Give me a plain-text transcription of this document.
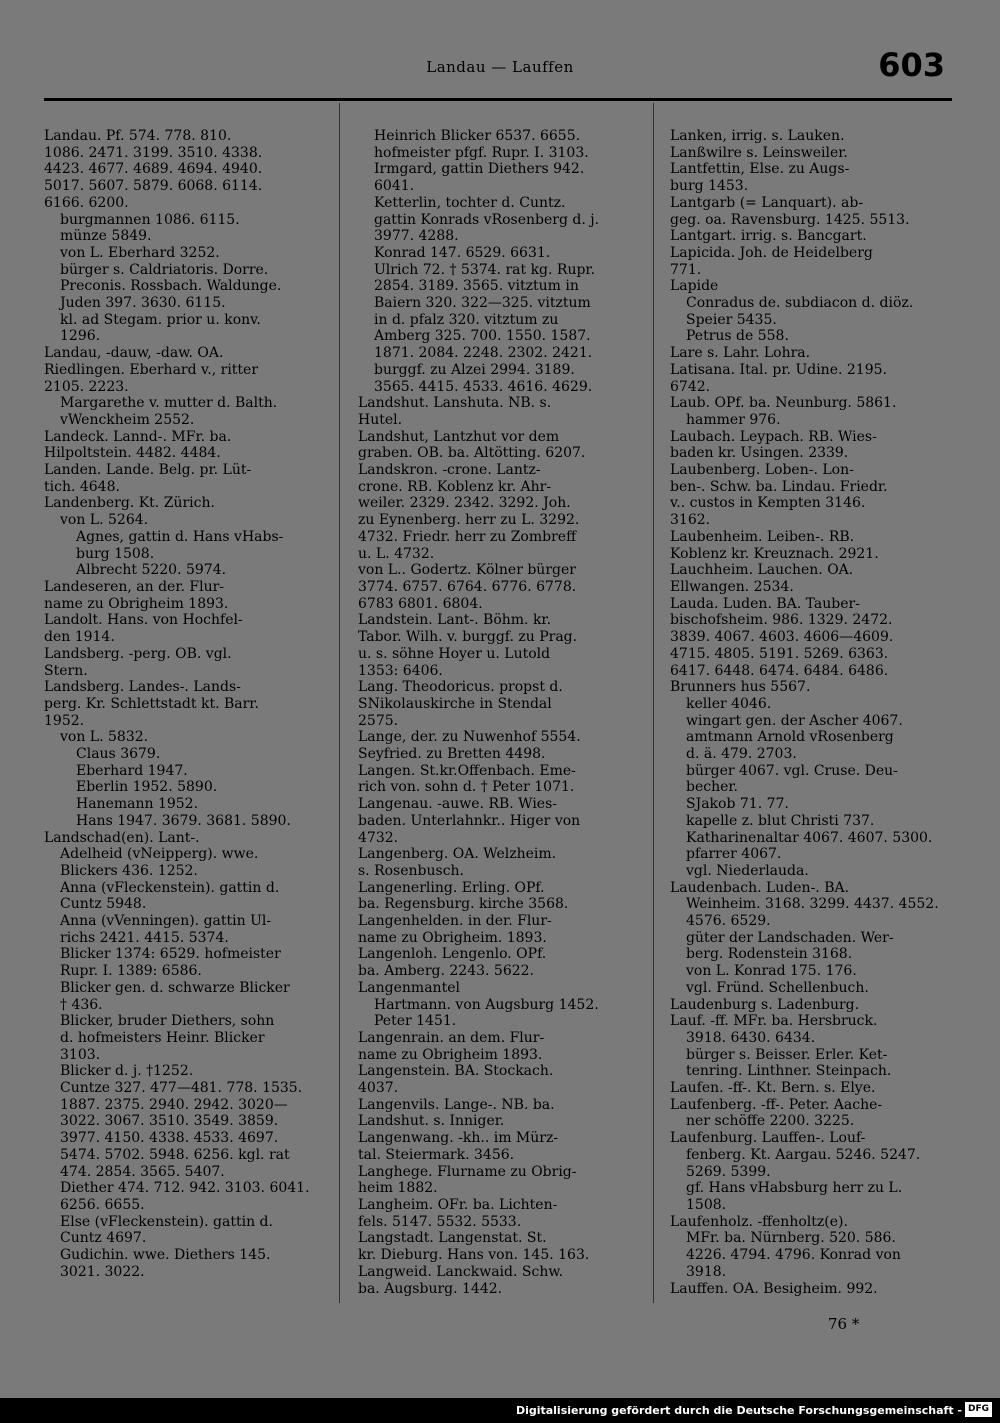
Landau — Lauffen	603
Landau. Pf. 574. 778. 810.
1086. 2471. 3199. 3510. 4338.
4423. 4677. 4689. 4694. 4940.
5017. 5607. 5879. 6068. 6114.
6166. 6200.
burgmannen 1086. 6115.
münze 5849.
von L. Eberhard 3252.
bürger s. Caldriatoris. Dorre.
Preconis. Rossbach. Waldunge.
Juden 397. 3630. 6115.
kl. ad Stegam. prior u. konv.
1296.
Landau, -dauw, -daw. OA.
Riedlingen. Eberhard v., ritter
2105. 2223.
Margarethe v. mutter d. Balth.
vWenckheim 2552.
Landeck. Lannd-. MFr. ba.
Hilpoltstein. 4482. 4484.
Landen. Lande. Belg. pr. Lüt-
tich. 4648.
Landenberg. Kt. Zürich.
von L. 5264.
Agnes, gattin d. Hans vHabs-
burg 1508.
Albrecht 5220. 5974.
Landeseren, an der. Flur-
name zu Obrigheim 1893.
Landolt. Hans. von Hochfel-
den 1914.
Landsberg. -perg. OB. vgl.
Stern.
Landsberg. Landes-. Lands-
perg. Kr. Schlettstadt kt. Barr.
1952.
von L. 5832.
Claus 3679.
Eberhard 1947.
Eberlin 1952. 5890.
Hanemann 1952.
Hans 1947. 3679. 3681. 5890.
Landschad(en). Lant-.
Adelheid (vNeipperg). wwe.
Blickers 436. 1252.
Anna (vFleckenstein). gattin d.
Cuntz 5948.
Anna (vVenningen). gattin Ul-
richs 2421. 4415. 5374.
Blicker 1374: 6529. hofmeister
Rupr. I. 1389: 6586.
Blicker gen. d. schwarze Blicker
† 436.
Blicker, bruder Diethers, sohn
d. hofmeisters Heinr. Blicker
3103.
Blicker d. j. †1252.
Cuntze 327. 477—481. 778. 1535.
1887. 2375. 2940. 2942. 3020—
3022. 3067. 3510. 3549. 3859.
3977. 4150. 4338. 4533. 4697.
5474. 5702. 5948. 6256. kgl. rat
474. 2854. 3565. 5407.
Diether 474. 712. 942. 3103. 6041.
6256. 6655.
Else (vFleckenstein). gattin d.
Cuntz 4697.
Gudichin. wwe. Diethers 145.
3021. 3022.
Heinrich Blicker 6537. 6655.
hofmeister pfgf. Rupr. I. 3103.
Irmgard, gattin Diethers 942.
6041.
Ketterlin, tochter d. Cuntz.
gattin Konrads vRosenberg d. j.
3977. 4288.
Konrad 147. 6529. 6631.
Ulrich 72. † 5374. rat kg. Rupr.
2854. 3189. 3565. vitztum in
Baiern 320. 322—325. vitztum
in d. pfalz 320. vitztum zu
Amberg 325. 700. 1550. 1587.
1871. 2084. 2248. 2302. 2421.
burggf. zu Alzei 2994. 3189.
3565. 4415. 4533. 4616. 4629.
Landshut. Lanshuta. NB. s.
Hutel.
Landshut, Lantzhut vor dem
graben. OB. ba. Altötting. 6207.
Landskron. -crone. Lantz-
crone. RB. Koblenz kr. Ahr-
weiler. 2329. 2342. 3292. Joh.
zu Eynenberg. herr zu L. 3292.
4732. Friedr. herr zu Zombreff
u. L. 4732.
von L.. Godertz. Kölner bürger
3774. 6757. 6764. 6776. 6778.
6783 6801. 6804.
Landstein. Lant-. Böhm. kr.
Tabor. Wilh. v. burggf. zu Prag.
u. s. söhne Hoyer u. Lutold
1353: 6406.
Lang. Theodoricus. propst d.
SNikolauskirche in Stendal
2575.
Lange, der. zu Nuwenhof 5554.
Seyfried. zu Bretten 4498.
Langen. St.kr.Offenbach. Eme-
rich von. sohn d. † Peter 1071.
Langenau. -auwe. RB. Wies-
baden. Unterlahnkr.. Higer von
4732.
Langenberg. OA. Welzheim.
s. Rosenbusch.
Langenerling. Erling. OPf.
ba. Regensburg. kirche 3568.
Langenhelden. in der. Flur-
name zu Obrigheim. 1893.
Langenloh. Lengenlo. OPf.
ba. Amberg. 2243. 5622.
Langenmantel
Hartmann. von Augsburg 1452.
Peter 1451.
Langenrain. an dem. Flur-
name zu Obrigheim 1893.
Langenstein. BA. Stockach.
4037.
Langenvils. Lange-. NB. ba.
Landshut. s. Inniger.
Langenwang. -kh.. im Mürz-
tal. Steiermark. 3456.
Langhege. Flurname zu Obrig-
heim 1882.
Langheim. OFr. ba. Lichten-
fels. 5147. 5532. 5533.
Langstadt. Langenstat. St.
kr. Dieburg. Hans von. 145. 163.
Langweid. Lanckwaid. Schw.
ba. Augsburg. 1442.
Lanken, irrig. s. Lauken.
Lanßwilre s. Leinsweiler.
Lantfettin, Else. zu Augs-
burg 1453.
Lantgarb (= Lanquart). ab-
geg. oa. Ravensburg. 1425. 5513.
Lantgart. irrig. s. Bancgart.
Lapicida. Joh. de Heidelberg
771.
Lapide
Conradus de. subdiacon d. diöz.
Speier 5435.
Petrus de 558.
Lare s. Lahr. Lohra.
Latisana. Ital. pr. Udine. 2195.
6742.
Laub. OPf. ba. Neunburg. 5861.
hammer 976.
Laubach. Leypach. RB. Wies-
baden kr. Usingen. 2339.
Laubenberg. Loben-. Lon-
ben-. Schw. ba. Lindau. Friedr.
v.. custos in Kempten 3146.
3162.
Laubenheim. Leiben-. RB.
Koblenz kr. Kreuznach. 2921.
Lauchheim. Lauchen. OA.
Ellwangen. 2534.
Lauda. Luden. BA. Tauber-
bischofsheim. 986. 1329. 2472.
3839. 4067. 4603. 4606—4609.
4715. 4805. 5191. 5269. 6363.
6417. 6448. 6474. 6484. 6486.
Brunners hus 5567.
keller 4046.
wingart gen. der Ascher 4067.
amtmann Arnold vRosenberg
d. ä. 479. 2703.
bürger 4067. vgl. Cruse. Deu-
becher.
SJakob 71. 77.
kapelle z. blut Christi 737.
Katharinenaltar 4067. 4607. 5300.
pfarrer 4067.
vgl. Niederlauda.
Laudenbach. Luden-. BA.
Weinheim. 3168. 3299. 4437. 4552.
4576. 6529.
güter der Landschaden. Wer-
berg. Rodenstein 3168.
von L. Konrad 175. 176.
vgl. Fründ. Schellenbuch.
Laudenburg s. Ladenburg.
Lauf. -ff. MFr. ba. Hersbruck.
3918. 6430. 6434.
bürger s. Beisser. Erler. Ket-
tenring. Linthner. Steinpach.
Laufen. -ff-. Kt. Bern. s. Elye.
Laufenberg. -ff-. Peter. Aache-
ner schöffe 2200. 3225.
Laufenburg. Lauffen-. Louf-
fenberg. Kt. Aargau. 5246. 5247.
5269. 5399.
gf. Hans vHabsburg herr zu L.
1508.
Laufenholz. -ffenholtz(e).
MFr. ba. Nürnberg. 520. 586.
4226. 4794. 4796. Konrad von
3918.
Lauffen. OA. Besigheim. 992.
76 *
Digitalisierung gefördert durch die Deutsche Forschungsgemeinschaft - DFG
